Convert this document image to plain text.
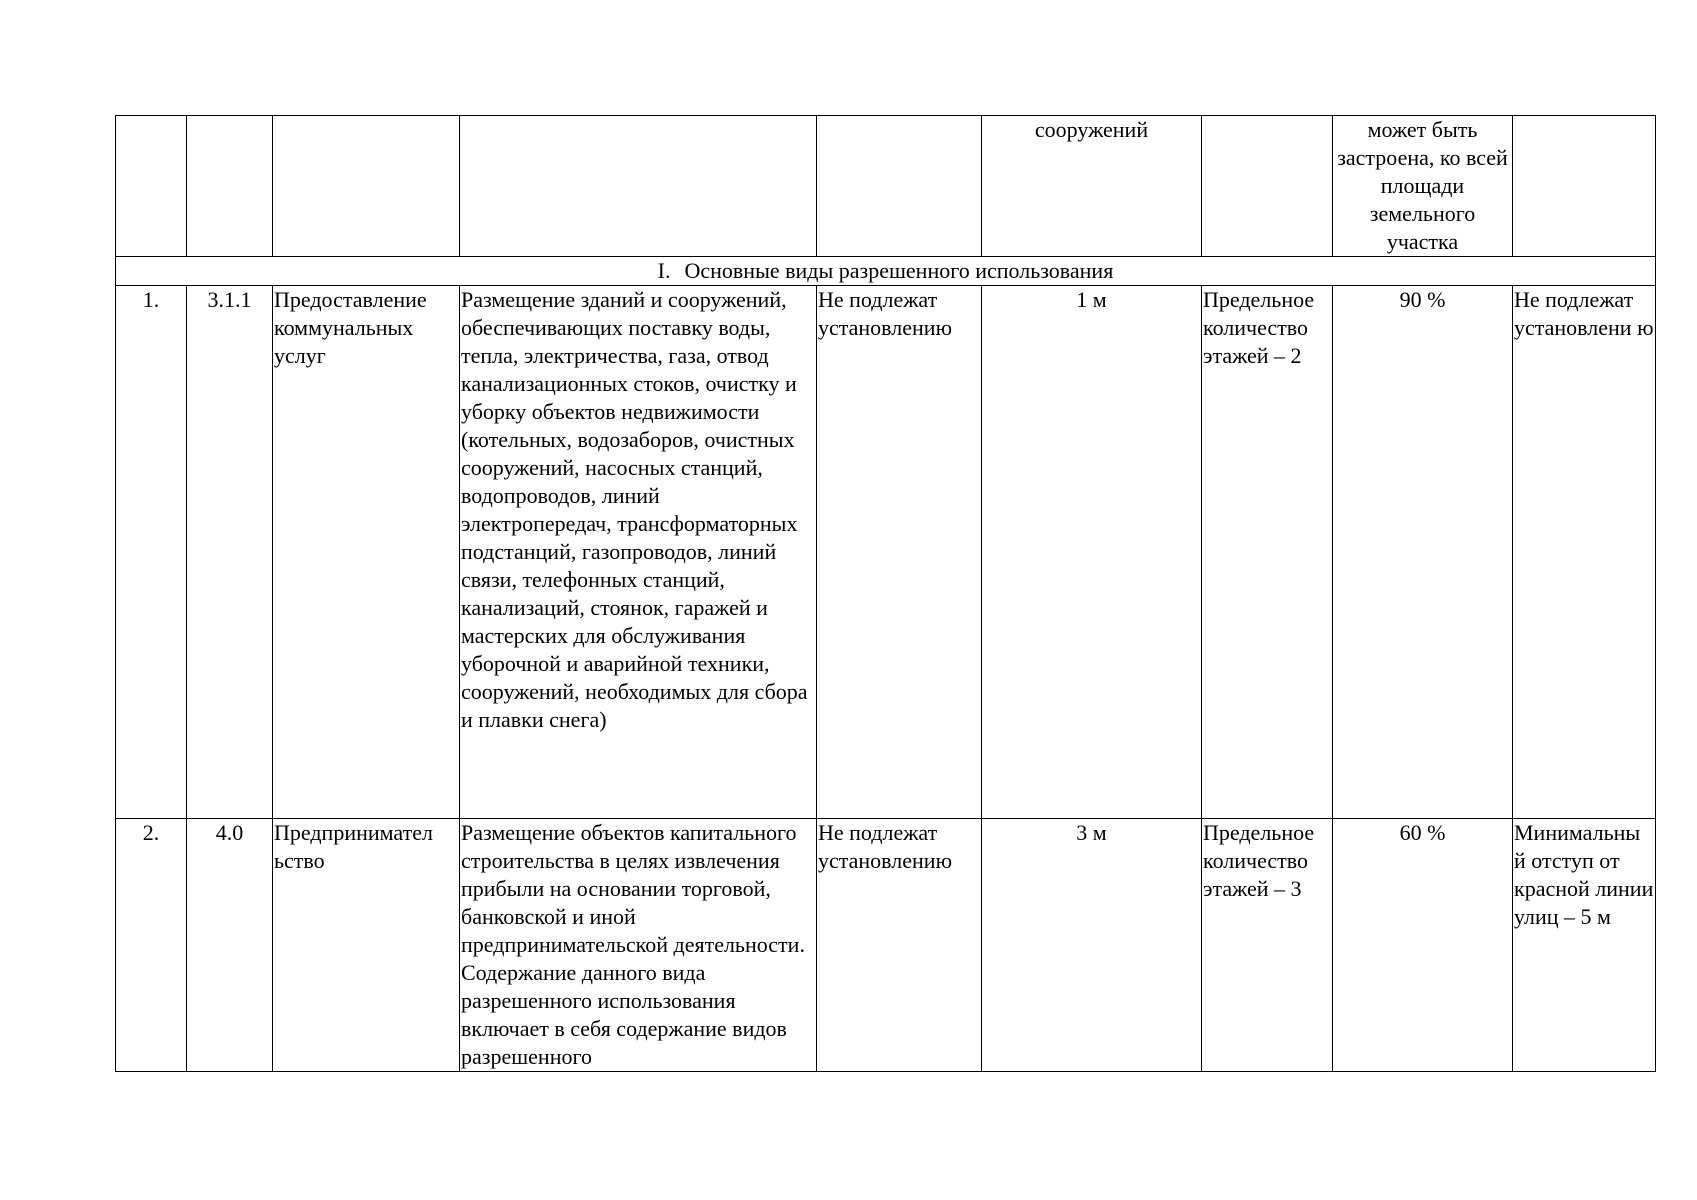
					сооружений		может быть застроена, ко всей площади земельного участка	
I. Основные виды разрешенного использования								
1.	3.1.1	Предоставление коммунальных услуг	Размещение зданий и сооружений, обеспечивающих поставку воды, тепла, электричества, газа, отвод канализационных стоков, очистку и уборку объектов недвижимости (котельных, водозаборов, очистных сооружений, насосных станций, водопроводов, линий электропередач, трансформаторных подстанций, газопроводов, линий связи, телефонных станций, канализаций, стоянок, гаражей и мастерских для обслуживания уборочной и аварийной техники, сооружений, необходимых для сбора и плавки снега)	Не подлежат установлению	1 м	Предельное количество этажей – 2	90 %	Не подлежат установлени ю
2.	4.0	Предпринимател ьство	Размещение объектов капитального строительства в целях извлечения прибыли на основании торговой, банковской и иной предпринимательской деятельности. Содержание данного вида разрешенного использования включает в себя содержание видов разрешенного	Не подлежат установлению	3 м	Предельное количество этажей – 3	60 %	Минимальны й отступ от красной линии улиц – 5 м
